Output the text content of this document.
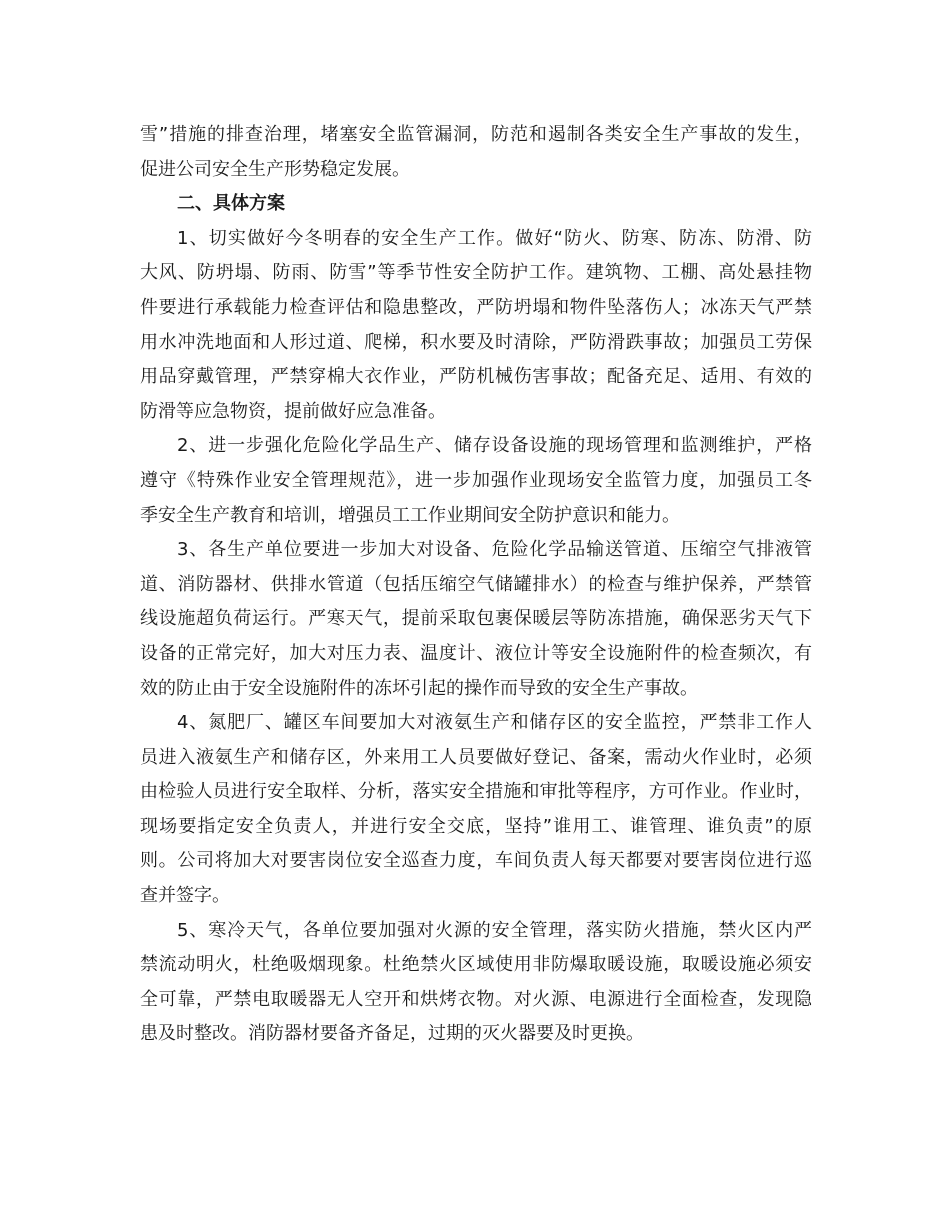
雪”措施的排查治理，堵塞安全监管漏洞，防范和遏制各类安全生产事故的发生，
促进公司安全生产形势稳定发展。
二、具体方案
1、切实做好今冬明春的安全生产工作。做好“防火、防寒、防冻、防滑、防
大风、防坍塌、防雨、防雪”等季节性安全防护工作。建筑物、工棚、高处悬挂物
件要进行承载能力检查评估和隐患整改，严防坍塌和物件坠落伤人；冰冻天气严禁
用水冲洗地面和人形过道、爬梯，积水要及时清除，严防滑跌事故；加强员工劳保
用品穿戴管理，严禁穿棉大衣作业，严防机械伤害事故；配备充足、适用、有效的
防滑等应急物资，提前做好应急准备。
2、进一步强化危险化学品生产、储存设备设施的现场管理和监测维护，严格
遵守《特殊作业安全管理规范》，进一步加强作业现场安全监管力度，加强员工冬
季安全生产教育和培训，增强员工工作业期间安全防护意识和能力。
3、各生产单位要进一步加大对设备、危险化学品输送管道、压缩空气排液管
道、消防器材、供排水管道（包括压缩空气储罐排水）的检查与维护保养，严禁管
线设施超负荷运行。严寒天气，提前采取包裹保暖层等防冻措施，确保恶劣天气下
设备的正常完好，加大对压力表、温度计、液位计等安全设施附件的检查频次，有
效的防止由于安全设施附件的冻坏引起的操作而导致的安全生产事故。
4、氮肥厂、罐区车间要加大对液氨生产和储存区的安全监控，严禁非工作人
员进入液氨生产和储存区，外来用工人员要做好登记、备案，需动火作业时，必须
由检验人员进行安全取样、分析，落实安全措施和审批等程序，方可作业。作业时，
现场要指定安全负责人，并进行安全交底，坚持”谁用工、谁管理、谁负责”的原
则。公司将加大对要害岗位安全巡查力度，车间负责人每天都要对要害岗位进行巡
查并签字。
5、寒冷天气，各单位要加强对火源的安全管理，落实防火措施，禁火区内严
禁流动明火，杜绝吸烟现象。杜绝禁火区域使用非防爆取暖设施，取暖设施必须安
全可靠，严禁电取暖器无人空开和烘烤衣物。对火源、电源进行全面检查，发现隐
患及时整改。消防器材要备齐备足，过期的灭火器要及时更换。
